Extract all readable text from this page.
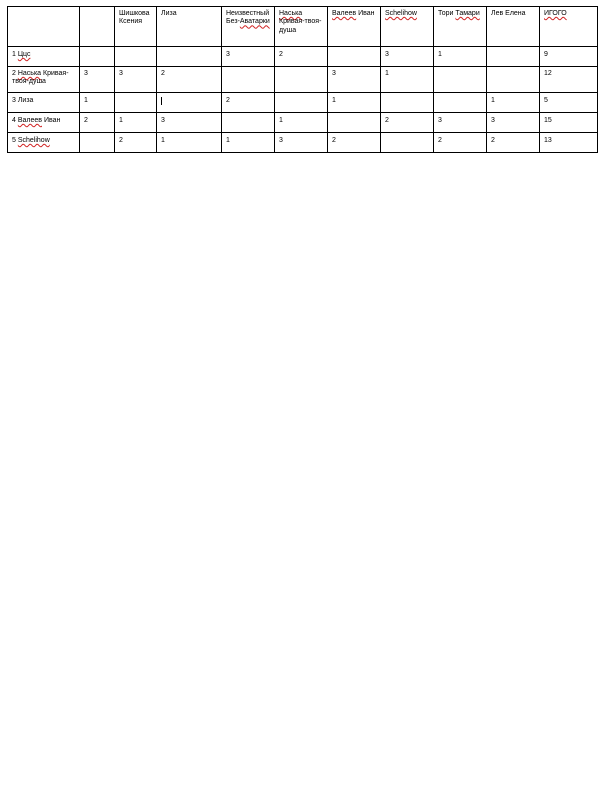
		Шишкова Ксения	Лиза	Неизвестный Без-Аватарки	Наська Кривая-твоя-душа	Валеев Иван	Schelihow	Тори Тамари	Лев Елена	ИГОГО
1 Ццс				3	2		3	1		9
2 Наська Кривая-твоя-душа	3	3	2			3	1			12
3 Лиза	1			2		1			1	5
4 Валеев Иван	2	1	3		1		2	3	3	15
5 Schelihow		2	1	1	3	2		2	2	13
